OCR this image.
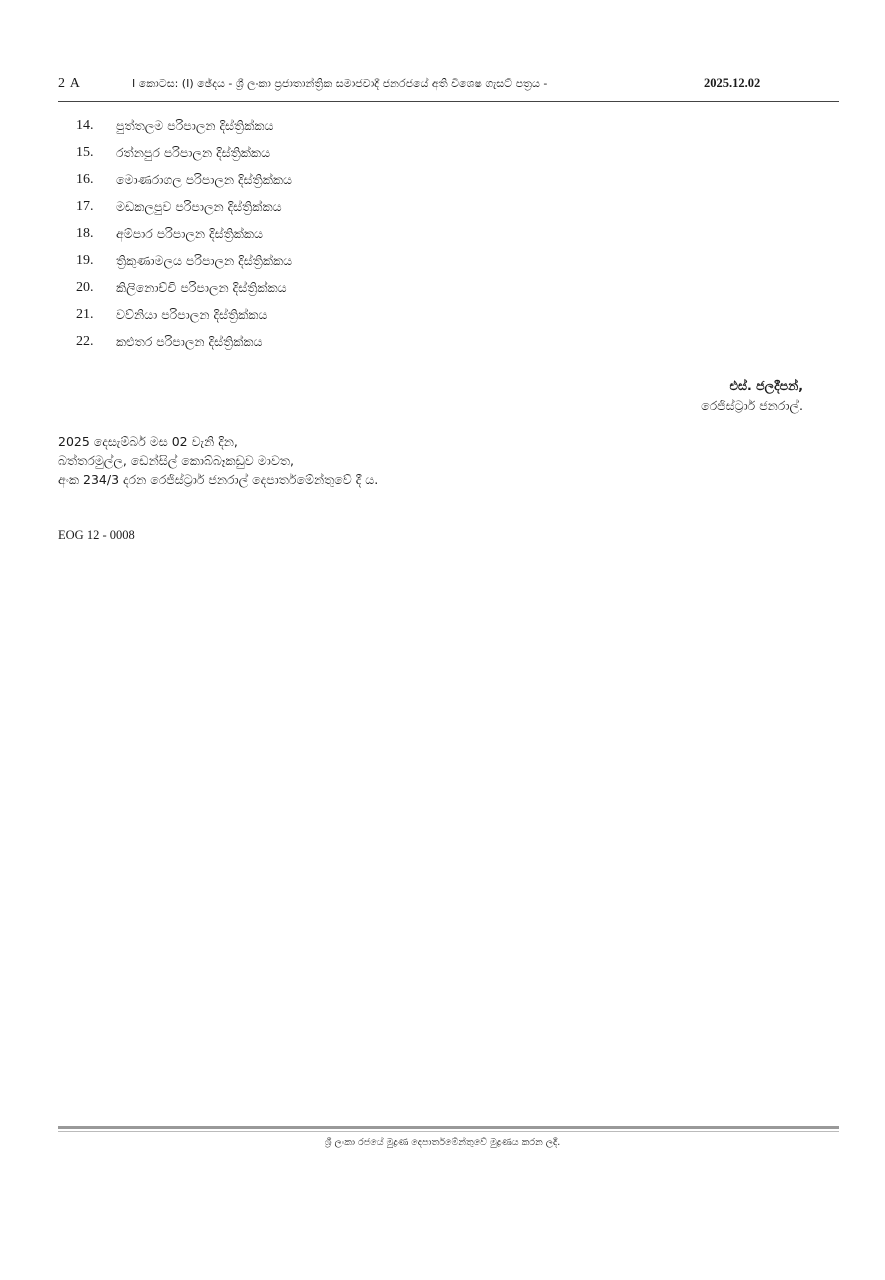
2 A	I කොටස: (I) ඡේදය - ශ්‍රී ලංකා ප්‍රජාතාන්ත්‍රික සමාජවාදී ජනරජයේ අති විශෙෂ ගැසට් පත්‍රය -	2025.12.02
14.	පුත්තලම පරිපාලන දිස්ත්‍රික්කය
15.	රත්නපුර පරිපාලන දිස්ත්‍රික්කය
16.	මොණරාගල පරිපාලන දිස්ත්‍රික්කය
17.	මඩකලපුව පරිපාලන දිස්ත්‍රික්කය
18.	අම්පාර පරිපාලන දිස්ත්‍රික්කය
19.	ත්‍රිකුණාමලය පරිපාලන දිස්ත්‍රික්කය
20.	කිලිනොච්චි පරිපාලන දිස්ත්‍රික්කය
21.	වව්නියා පරිපාලන දිස්ත්‍රික්කය
22.	කළුතර පරිපාලන දිස්ත්‍රික්කය
එස්. ජලදීපන්,
රෙජිස්ට්‍රාර් ජනරාල්.
2025 දෙසැම්බර් මස 02 වැනි දින,
බත්තරමුල්ල, ඩෙන්සිල් කොබ්බෑකඩුව මාවත,
අංක 234/3 දරන රෙජිස්ට්‍රාර් ජනරාල් දෙපාර්තමේන්තුවේ දී ය.
EOG 12 - 0008
ශ්‍රී ලංකා රජයේ මුද්‍රණ දෙපාර්තමේන්තුවේ මුද්‍රණය කරන ලදී.
